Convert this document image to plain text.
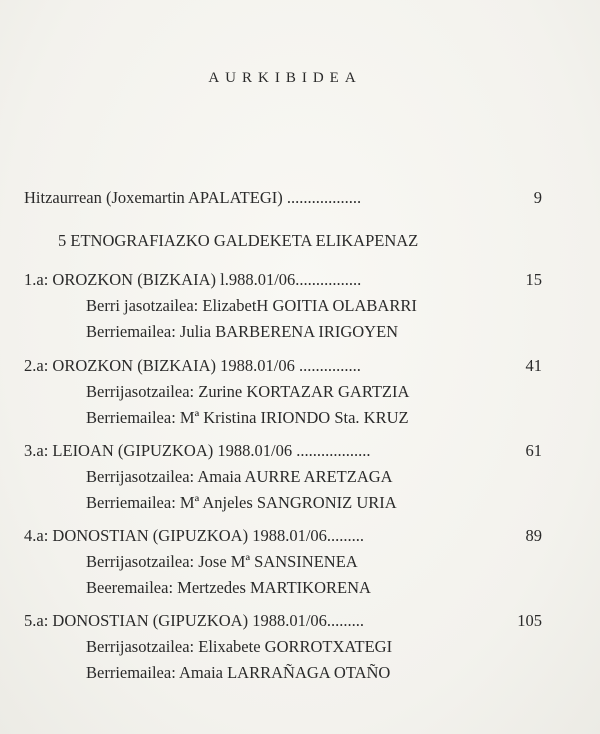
AURKIBIDEA
Hitzaurrean (Joxemartin APALATEGI) ..................	9
5 ETNOGRAFIAZKO GALDEKETA ELIKAPENAZ
1.a: OROZKON (BIZKAIA) l.988.01/06................	15
Berri jasotzailea: ElizabetH GOITIA OLABARRI
Berriemailea: Julia BARBERENA IRIGOYEN
2.a: OROZKON (BIZKAIA) 1988.01/06 ...............	41
Berrijasotzailea: Zurine KORTAZAR GARTZIA
Berriemailea: Mª Kristina IRIONDO Sta. KRUZ
3.a: LEIOAN (GIPUZKOA) 1988.01/06 ..................	61
Berrijasotzailea: Amaia AURRE ARETZAGA
Berriemailea: Mª Anjeles SANGRONIZ URIA
4.a: DONOSTIAN (GIPUZKOA) 1988.01/06.........	89
Berrijasotzailea: Jose Mª SANSINENEA
Beeremailea: Mertzedes MARTIKORENA
5.a: DONOSTIAN (GIPUZKOA) 1988.01/06.........	105
Berrijasotzailea: Elixabete GORROTXATEGI
Berriemailea: Amaia LARRAÑAGA OTAÑO
